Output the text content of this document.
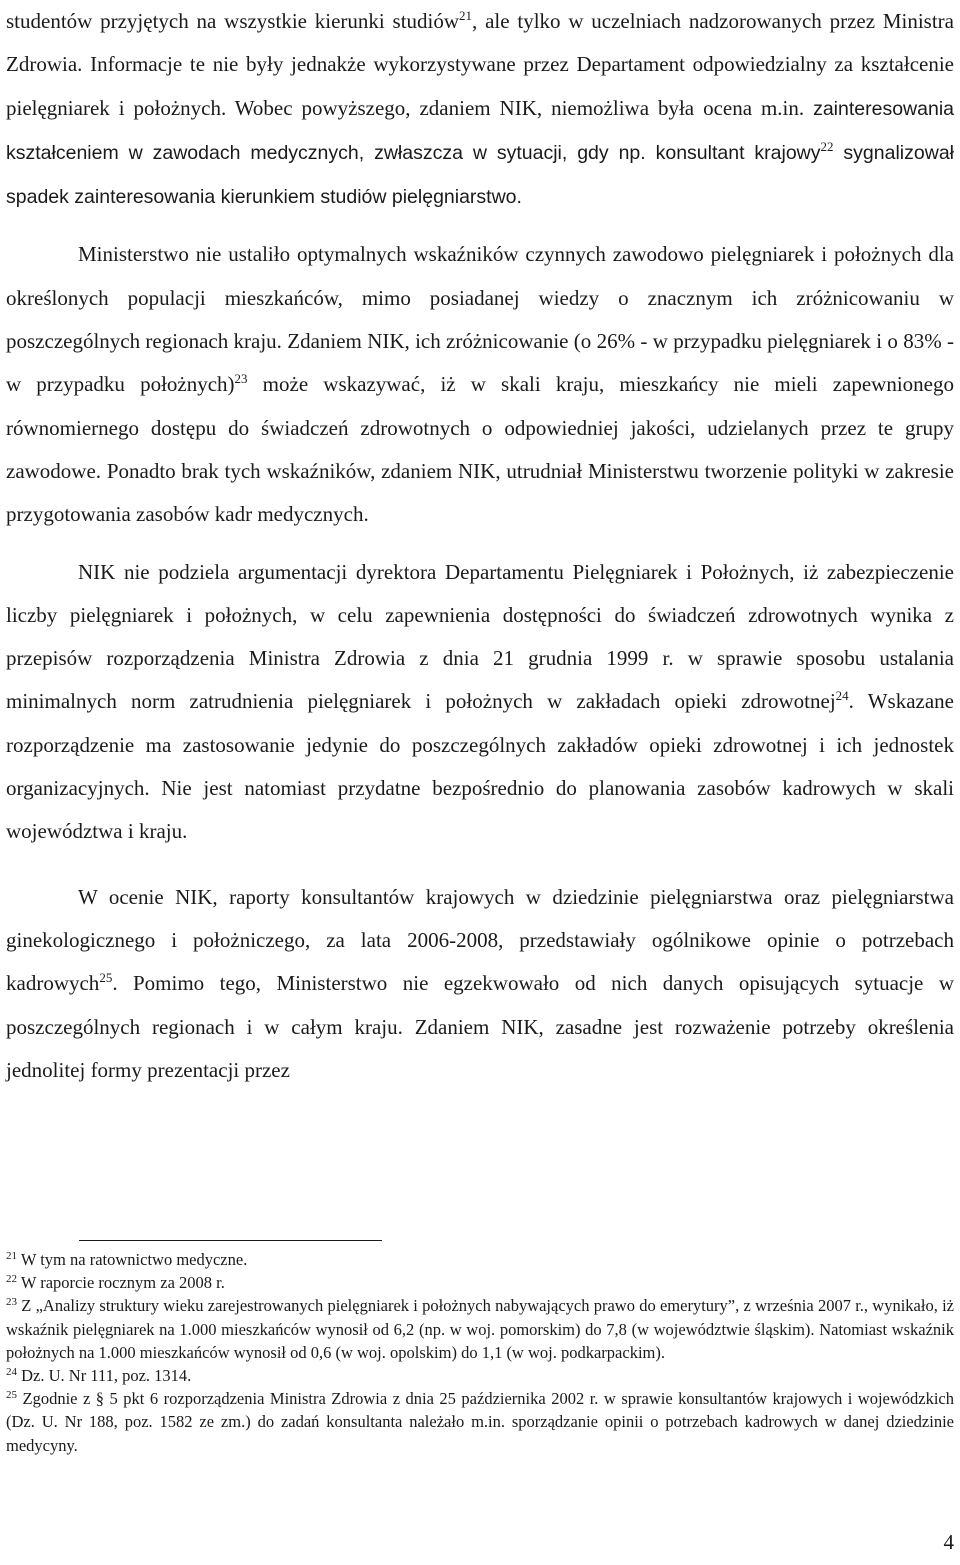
studentów przyjętych na wszystkie kierunki studiów$^{21}$, ale tylko w uczelniach nadzorowanych przez Ministra Zdrowia. Informacje te nie były jednakże wykorzystywane przez Departament odpowiedzialny za kształcenie pielęgniarek i położnych. Wobec powyższego, zdaniem NIK, niemożliwa była ocena m.in. zainteresowania kształceniem w zawodach medycznych, zwłaszcza w sytuacji, gdy np. konsultant krajowy$^{22}$ sygnalizował spadek zainteresowania kierunkiem studiów pielęgniarstwo.

Ministerstwo nie ustaliło optymalnych wskaźników czynnych zawodowo pielęgniarek i położnych dla określonych populacji mieszkańców, mimo posiadanej wiedzy o znacznym ich zróżnicowaniu w poszczególnych regionach kraju. Zdaniem NIK, ich zróżnicowanie (o 26% - w przypadku pielęgniarek i o 83% - w przypadku położnych)$^{23}$ może wskazywać, iż w skali kraju, mieszkańcy nie mieli zapewnionego równomiernego dostępu do świadczeń zdrowotnych o odpowiedniej jakości, udzielanych przez te grupy zawodowe. Ponadto brak tych wskaźników, zdaniem NIK, utrudniał Ministerstwu tworzenie polityki w zakresie przygotowania zasobów kadr medycznych.

NIK nie podziela argumentacji dyrektora Departamentu Pielęgniarek i Położnych, iż zabezpieczenie liczby pielęgniarek i położnych, w celu zapewnienia dostępności do świadczeń zdrowotnych wynika z przepisów rozporządzenia Ministra Zdrowia z dnia 21 grudnia 1999 r. w sprawie sposobu ustalania minimalnych norm zatrudnienia pielęgniarek i położnych w zakładach opieki zdrowotnej$^{24}$. Wskazane rozporządzenie ma zastosowanie jedynie do poszczególnych zakładów opieki zdrowotnej i ich jednostek organizacyjnych. Nie jest natomiast przydatne bezpośrednio do planowania zasobów kadrowych w skali województwa i kraju.

W ocenie NIK, raporty konsultantów krajowych w dziedzinie pielęgniarstwa oraz pielęgniarstwa ginekologicznego i położniczego, za lata 2006-2008, przedstawiały ogólnikowe opinie o potrzebach kadrowych$^{25}$. Pomimo tego, Ministerstwo nie egzekwowało od nich danych opisujących sytuacje w poszczególnych regionach i w całym kraju. Zdaniem NIK, zasadne jest rozważenie potrzeby określenia jednolitej formy prezentacji przez

$^{21}$ W tym na ratownictwo medyczne.

$^{22}$ W raporcie rocznym za 2008 r.

$^{23}$ Z „Analizy struktury wieku zarejestrowanych pielęgniarek i położnych nabywających prawo do emerytury”, z września 2007 r., wynikało, iż wskaźnik pielęgniarek na 1.000 mieszkańców wynosił od 6,2 (np. w woj. pomorskim) do 7,8 (w województwie śląskim). Natomiast wskaźnik położnych na 1.000 mieszkańców wynosił od 0,6 (w woj. opolskim) do 1,1 (w woj. podkarpackim).

$^{24}$ Dz. U. Nr 111, poz. 1314.

$^{25}$ Zgodnie z § 5 pkt 6 rozporządzenia Ministra Zdrowia z dnia 25 października 2002 r. w sprawie konsultantów krajowych i wojewódzkich (Dz. U. Nr 188, poz. 1582 ze zm.) do zadań konsultanta należało m.in. sporządzanie opinii o potrzebach kadrowych w danej dziedzinie medycyny.

4
